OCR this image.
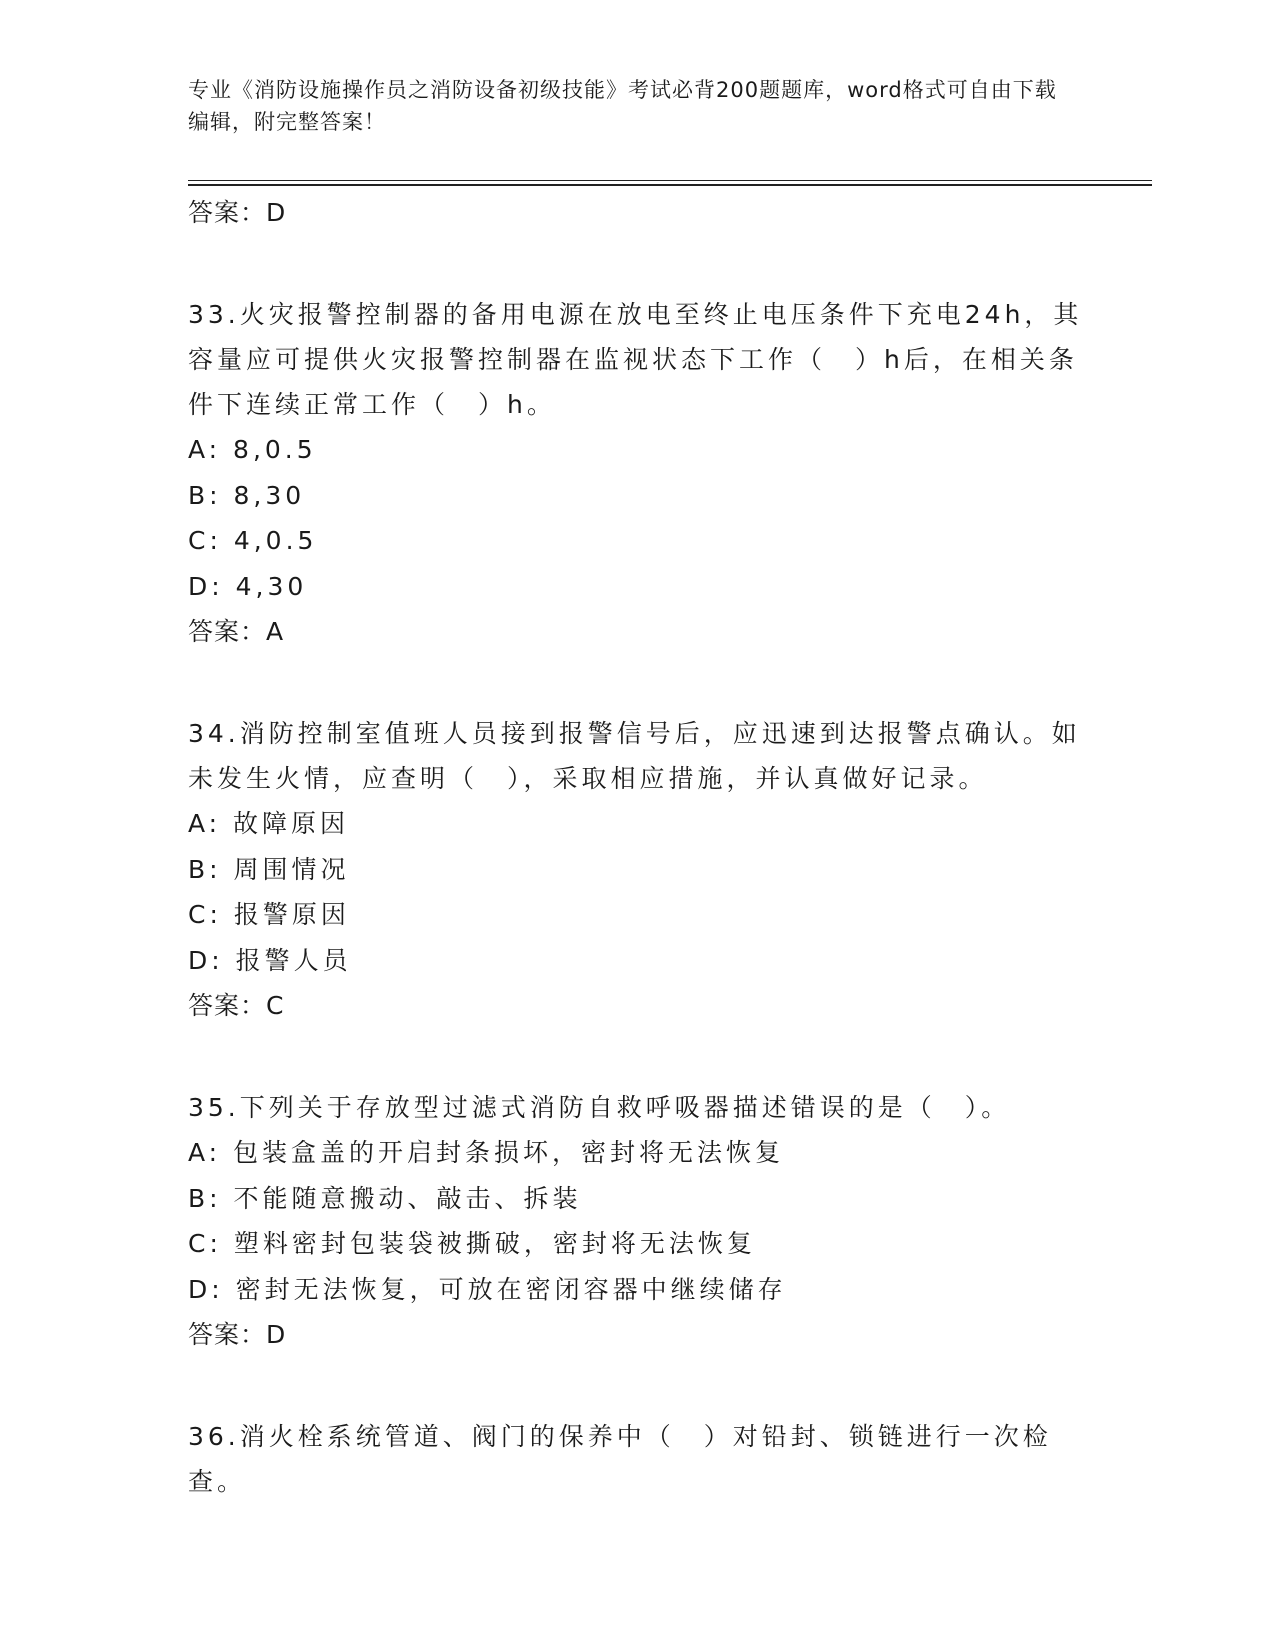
专业《消防设施操作员之消防设备初级技能》考试必背200题题库，word格式可自由下载编辑，附完整答案！
答案：D
33.火灾报警控制器的备用电源在放电至终止电压条件下充电24h，其容量应可提供火灾报警控制器在监视状态下工作（　）h后，在相关条件下连续正常工作（　）h。
A: 8,0.5
B: 8,30
C: 4,0.5
D: 4,30
答案：A
34.消防控制室值班人员接到报警信号后，应迅速到达报警点确认。如未发生火情，应查明（　），采取相应措施，并认真做好记录。
A: 故障原因
B: 周围情况
C: 报警原因
D: 报警人员
答案：C
35.下列关于存放型过滤式消防自救呼吸器描述错误的是（　）。
A: 包装盒盖的开启封条损坏，密封将无法恢复
B: 不能随意搬动、敲击、拆装
C: 塑料密封包装袋被撕破，密封将无法恢复
D: 密封无法恢复，可放在密闭容器中继续储存
答案：D
36.消火栓系统管道、阀门的保养中（　）对铅封、锁链进行一次检查。
